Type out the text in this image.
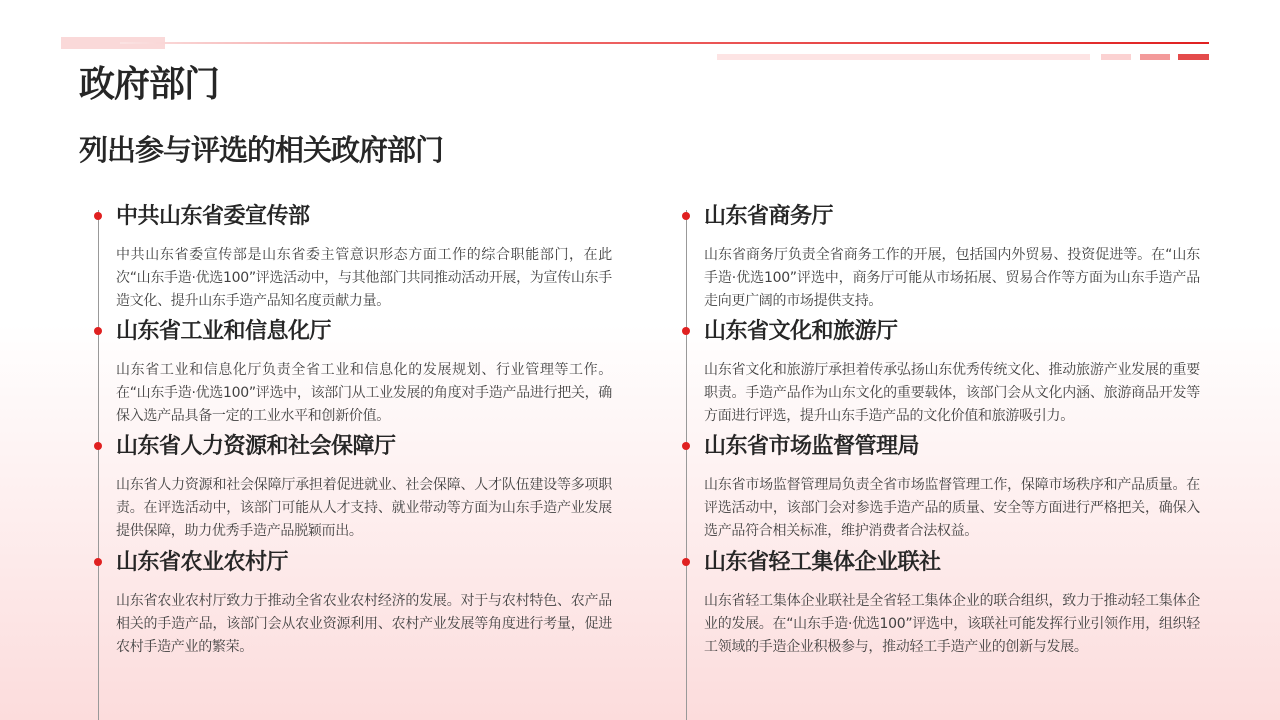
政府部门
列出参与评选的相关政府部门
中共山东省委宣传部
中共山东省委宣传部是山东省委主管意识形态方面工作的综合职能部门，在此次“山东手造·优选100”评选活动中，与其他部门共同推动活动开展，为宣传山东手造文化、提升山东手造产品知名度贡献力量。
山东省工业和信息化厅
山东省工业和信息化厅负责全省工业和信息化的发展规划、行业管理等工作。在“山东手造·优选100”评选中，该部门从工业发展的角度对手造产品进行把关，确保入选产品具备一定的工业水平和创新价值。
山东省人力资源和社会保障厅
山东省人力资源和社会保障厅承担着促进就业、社会保障、人才队伍建设等多项职责。在评选活动中，该部门可能从人才支持、就业带动等方面为山东手造产业发展提供保障，助力优秀手造产品脱颖而出。
山东省农业农村厅
山东省农业农村厅致力于推动全省农业农村经济的发展。对于与农村特色、农产品相关的手造产品，该部门会从农业资源利用、农村产业发展等角度进行考量，促进农村手造产业的繁荣。
山东省商务厅
山东省商务厅负责全省商务工作的开展，包括国内外贸易、投资促进等。在“山东手造·优选100”评选中，商务厅可能从市场拓展、贸易合作等方面为山东手造产品走向更广阔的市场提供支持。
山东省文化和旅游厅
山东省文化和旅游厅承担着传承弘扬山东优秀传统文化、推动旅游产业发展的重要职责。手造产品作为山东文化的重要载体，该部门会从文化内涵、旅游商品开发等方面进行评选，提升山东手造产品的文化价值和旅游吸引力。
山东省市场监督管理局
山东省市场监督管理局负责全省市场监督管理工作，保障市场秩序和产品质量。在评选活动中，该部门会对参选手造产品的质量、安全等方面进行严格把关，确保入选产品符合相关标准，维护消费者合法权益。
山东省轻工集体企业联社
山东省轻工集体企业联社是全省轻工集体企业的联合组织，致力于推动轻工集体企业的发展。在“山东手造·优选100”评选中，该联社可能发挥行业引领作用，组织轻工领域的手造企业积极参与，推动轻工手造产业的创新与发展。
